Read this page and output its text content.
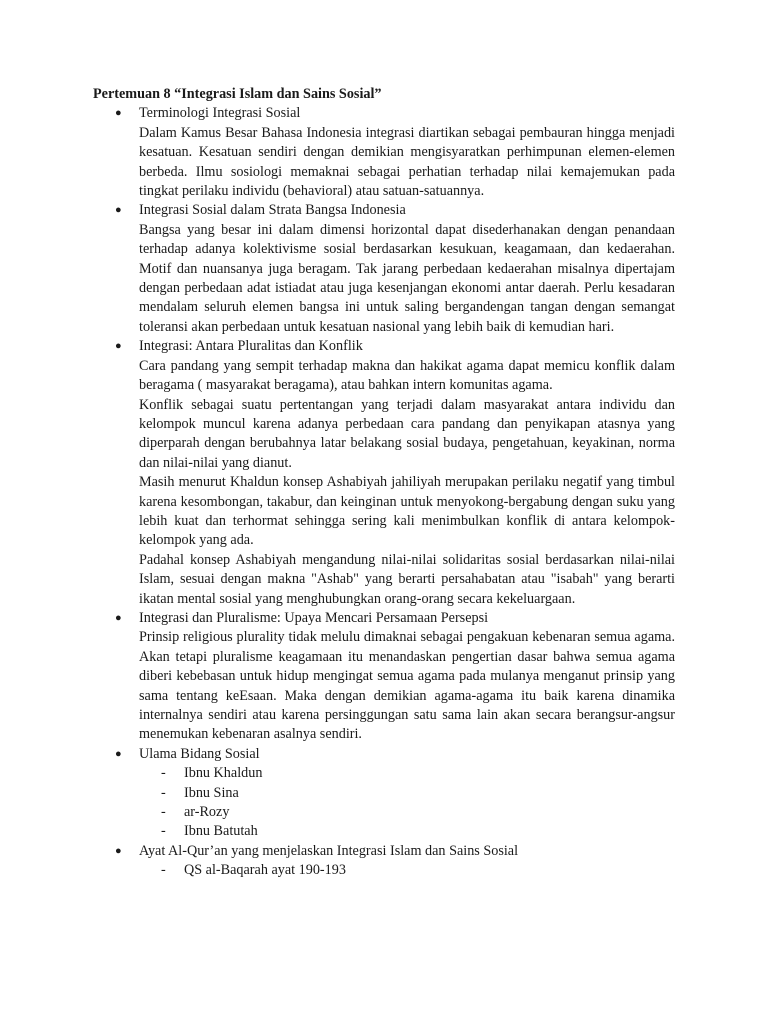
Pertemuan 8 “Integrasi Islam dan Sains Sosial”

● Terminologi Integrasi Sosial

Dalam Kamus Besar Bahasa Indonesia integrasi diartikan sebagai pembauran hingga menjadi kesatuan. Kesatuan sendiri dengan demikian mengisyaratkan perhimpunan elemen-elemen berbeda. Ilmu sosiologi memaknai sebagai perhatian terhadap nilai kemajemukan pada tingkat perilaku individu (behavioral) atau satuan-satuannya.

● Integrasi Sosial dalam Strata Bangsa Indonesia

Bangsa yang besar ini dalam dimensi horizontal dapat disederhanakan dengan penandaan terhadap adanya kolektivisme sosial berdasarkan kesukuan, keagamaan, dan kedaerahan. Motif dan nuansanya juga beragam. Tak jarang perbedaan kedaerahan misalnya dipertajam dengan perbedaan adat istiadat atau juga kesenjangan ekonomi antar daerah. Perlu kesadaran mendalam seluruh elemen bangsa ini untuk saling bergandengan tangan dengan semangat toleransi akan perbedaan untuk kesatuan nasional yang lebih baik di kemudian hari.

● Integrasi: Antara Pluralitas dan Konflik

Cara pandang yang sempit terhadap makna dan hakikat agama dapat memicu konflik dalam beragama ( masyarakat beragama), atau bahkan intern komunitas agama.

Konflik sebagai suatu pertentangan yang terjadi dalam masyarakat antara individu dan kelompok muncul karena adanya perbedaan cara pandang dan penyikapan atasnya yang diperparah dengan berubahnya latar belakang sosial budaya, pengetahuan, keyakinan, norma dan nilai-nilai yang dianut.

Masih menurut Khaldun konsep Ashabiyah jahiliyah merupakan perilaku negatif yang timbul karena kesombongan, takabur, dan keinginan untuk menyokong-bergabung dengan suku yang lebih kuat dan terhormat sehingga sering kali menimbulkan konflik di antara kelompok-kelompok yang ada.

Padahal konsep Ashabiyah mengandung nilai-nilai solidaritas sosial berdasarkan nilai-nilai Islam, sesuai dengan makna "Ashab" yang berarti persahabatan atau "isabah" yang berarti ikatan mental sosial yang menghubungkan orang-orang secara kekeluargaan.

● Integrasi dan Pluralisme: Upaya Mencari Persamaan Persepsi

Prinsip religious plurality tidak melulu dimaknai sebagai pengakuan kebenaran semua agama. Akan tetapi pluralisme keagamaan itu menandaskan pengertian dasar bahwa semua agama diberi kebebasan untuk hidup mengingat semua agama pada mulanya menganut prinsip yang sama tentang keEsaan. Maka dengan demikian agama-agama itu baik karena dinamika internalnya sendiri atau karena persinggungan satu sama lain akan secara berangsur-angsur menemukan kebenaran asalnya sendiri.

● Ulama Bidang Sosial

- Ibnu Khaldun
- Ibnu Sina
- ar-Rozy
- Ibnu Batutah
● Ayat Al-Qur’an yang menjelaskan Integrasi Islam dan Sains Sosial

- QS al-Baqarah ayat 190-193
